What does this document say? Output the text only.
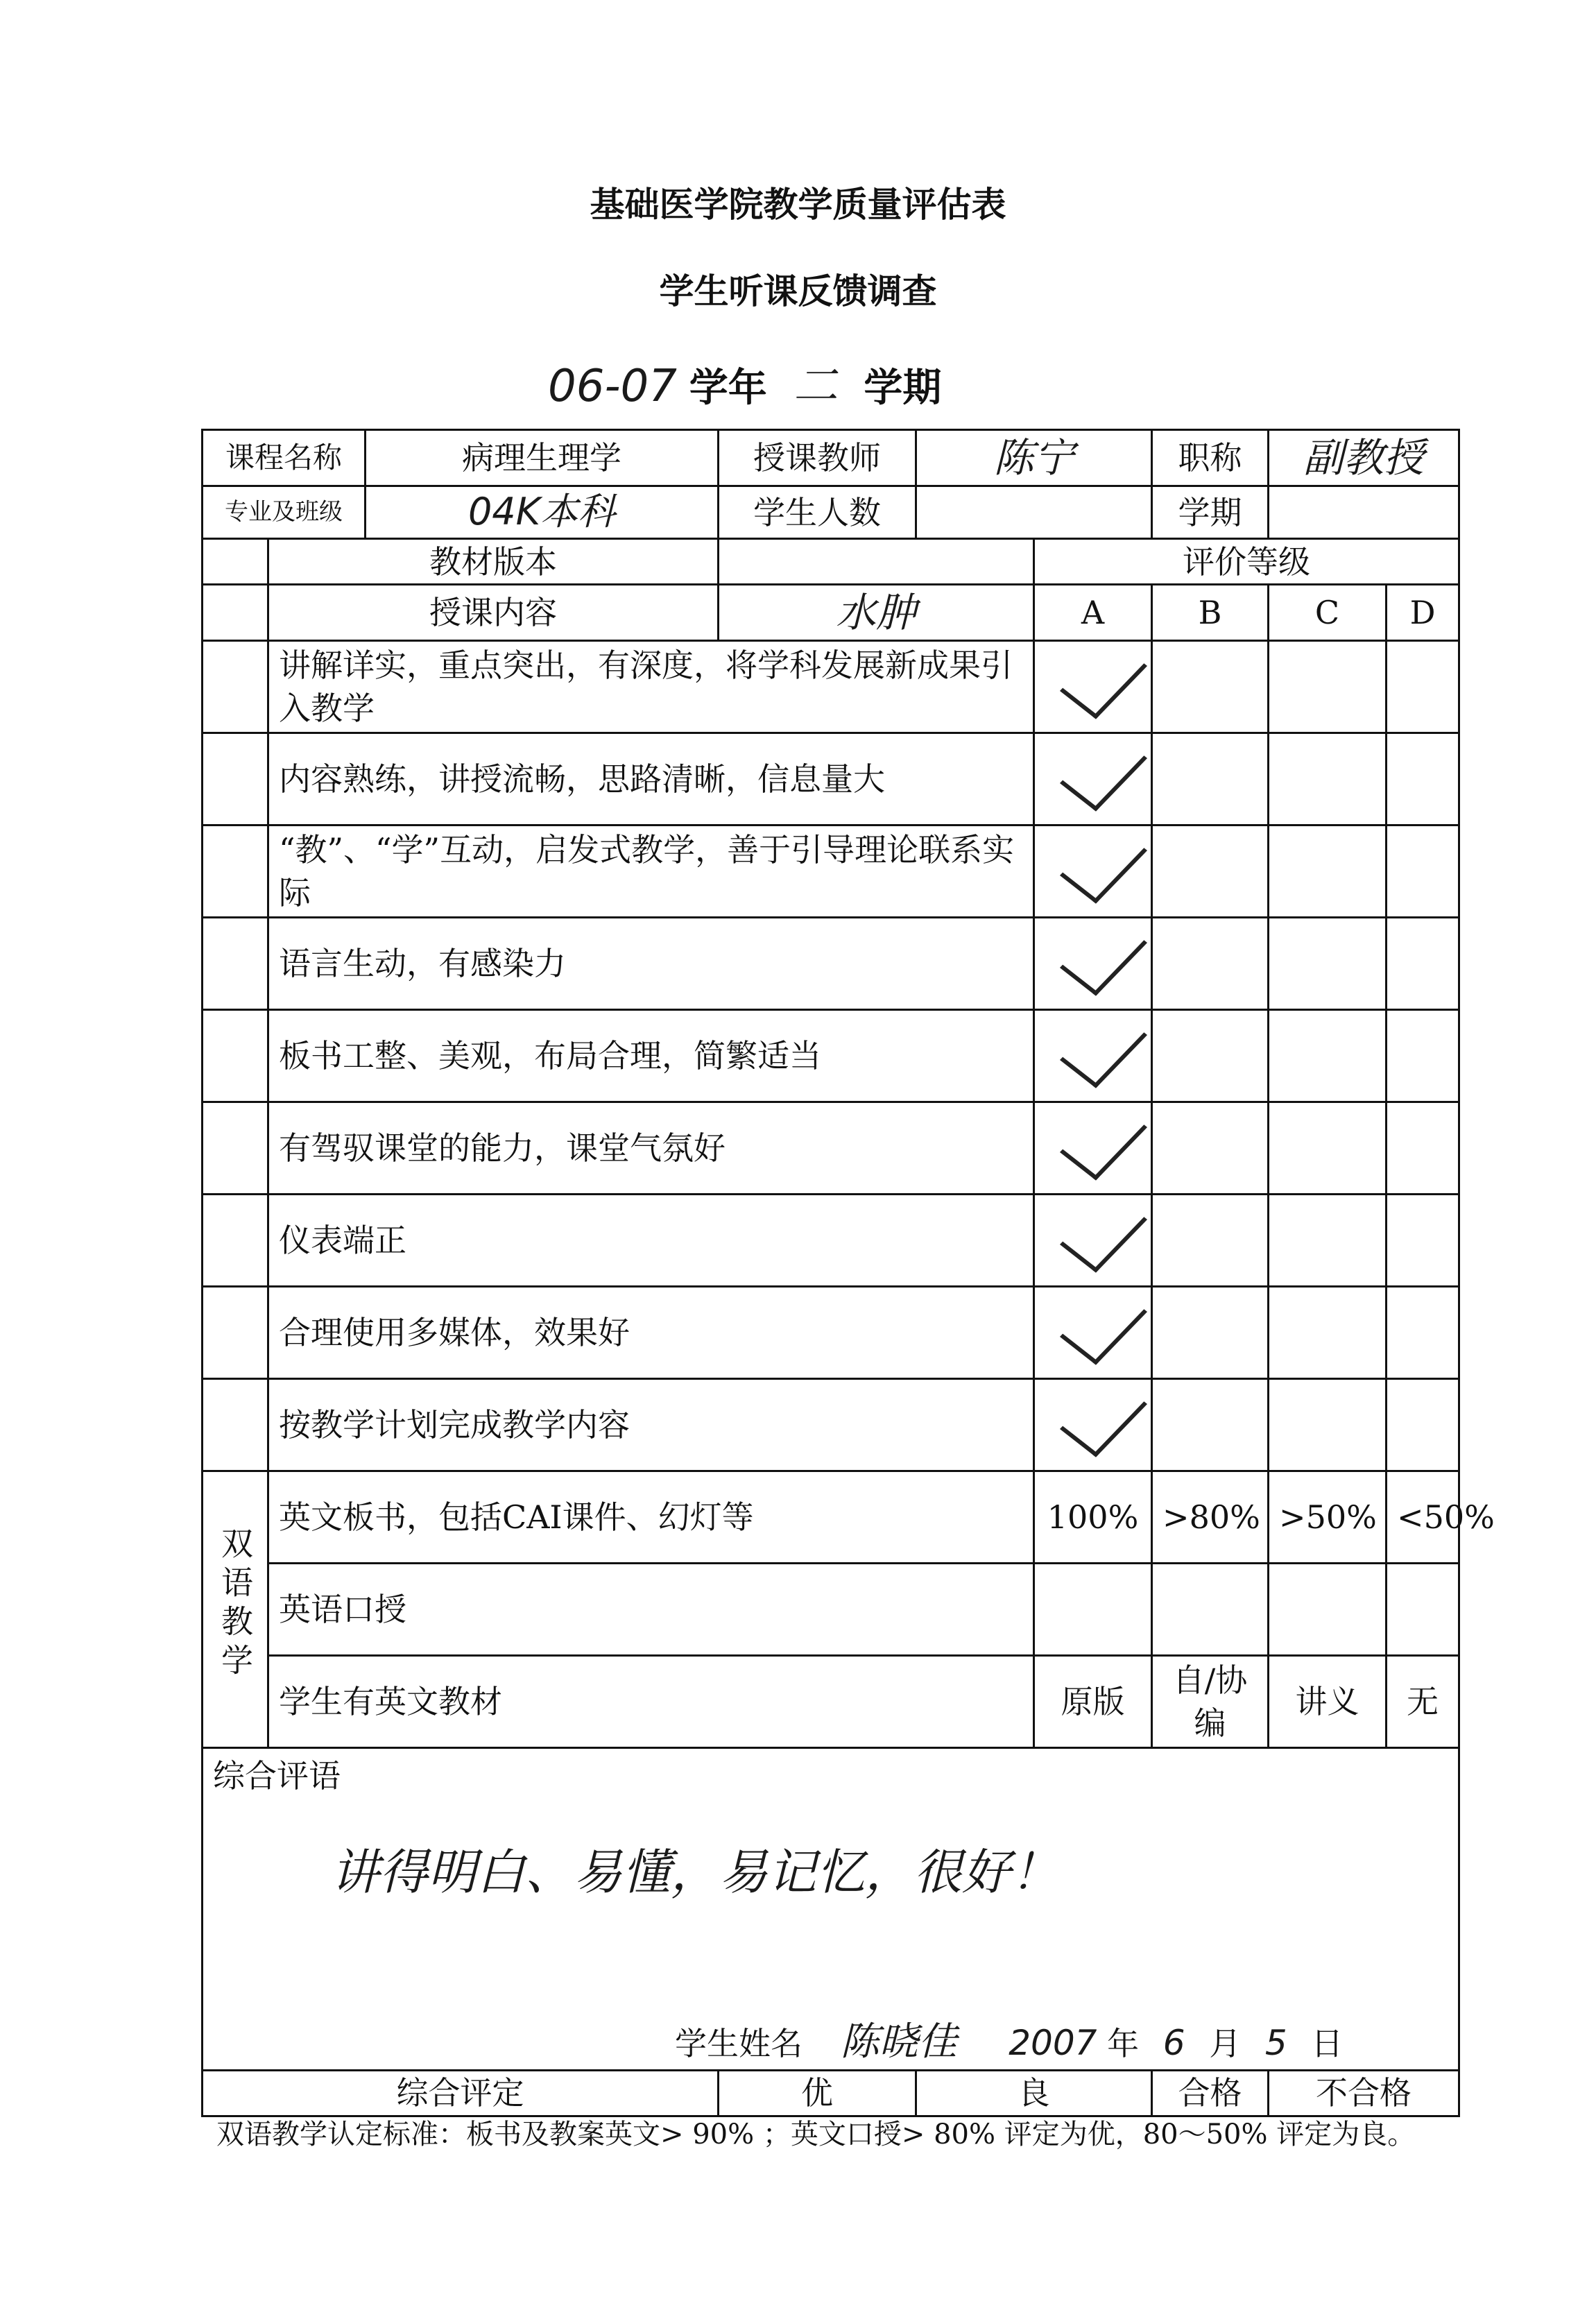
基础医学院教学质量评估表
学生听课反馈调查
06-07 学年 二 学期
课程名称		病理生理学	授课教师	陈宁		职称	副教授	
专业及班级		04K本科	学生人数			学期		
	教材版本				评价等级			
	授课内容		水肿		A	B	C	D
	讲解详实，重点突出，有深度，将学科发展新成果引入教学							
	内容熟练，讲授流畅，思路清晰，信息量大							
	“教”、“学”互动，启发式教学，善于引导理论联系实际							
	语言生动，有感染力							
	板书工整、美观，布局合理，简繁适当							
	有驾驭课堂的能力，课堂气氛好							
	仪表端正							
	合理使用多媒体，效果好							
	按教学计划完成教学内容							
双语教学	英文板书，包括CAI课件、幻灯等				100%	>80%	>50%	<50%
	英语口授							
	学生有英文教材				原版	自/协编	讲义	无

综合评语
讲得明白、易懂，易记忆，很好！
学生姓名 陈晓佳 2007 年 6 月 5 日								

综合评定			优	良		合格	不合格	
双语教学认定标准：板书及教案英文> 90% ；英文口授> 80% 评定为优，80～50% 评定为良。
